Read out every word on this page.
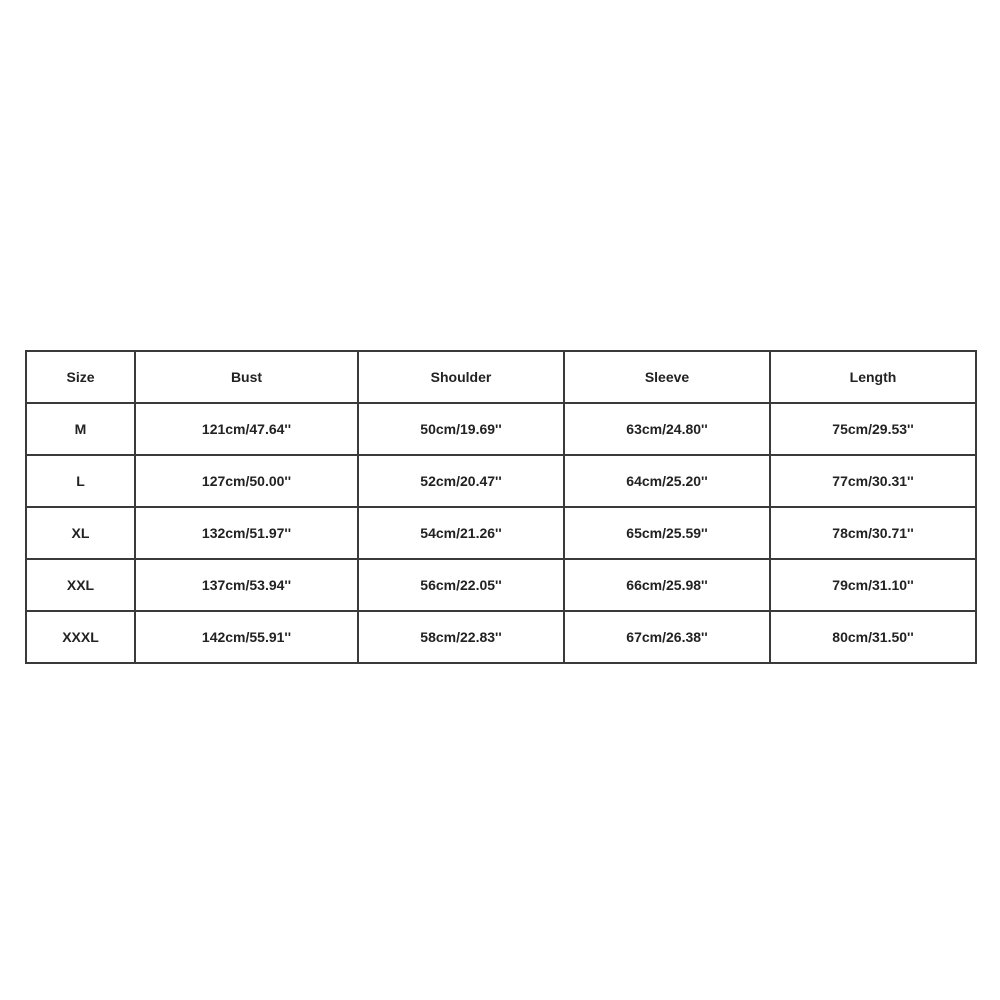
Size	Bust	Shoulder	Sleeve	Length
M	121cm/47.64''	50cm/19.69''	63cm/24.80''	75cm/29.53''
L	127cm/50.00''	52cm/20.47''	64cm/25.20''	77cm/30.31''
XL	132cm/51.97''	54cm/21.26''	65cm/25.59''	78cm/30.71''
XXL	137cm/53.94''	56cm/22.05''	66cm/25.98''	79cm/31.10''
XXXL	142cm/55.91''	58cm/22.83''	67cm/26.38''	80cm/31.50''
